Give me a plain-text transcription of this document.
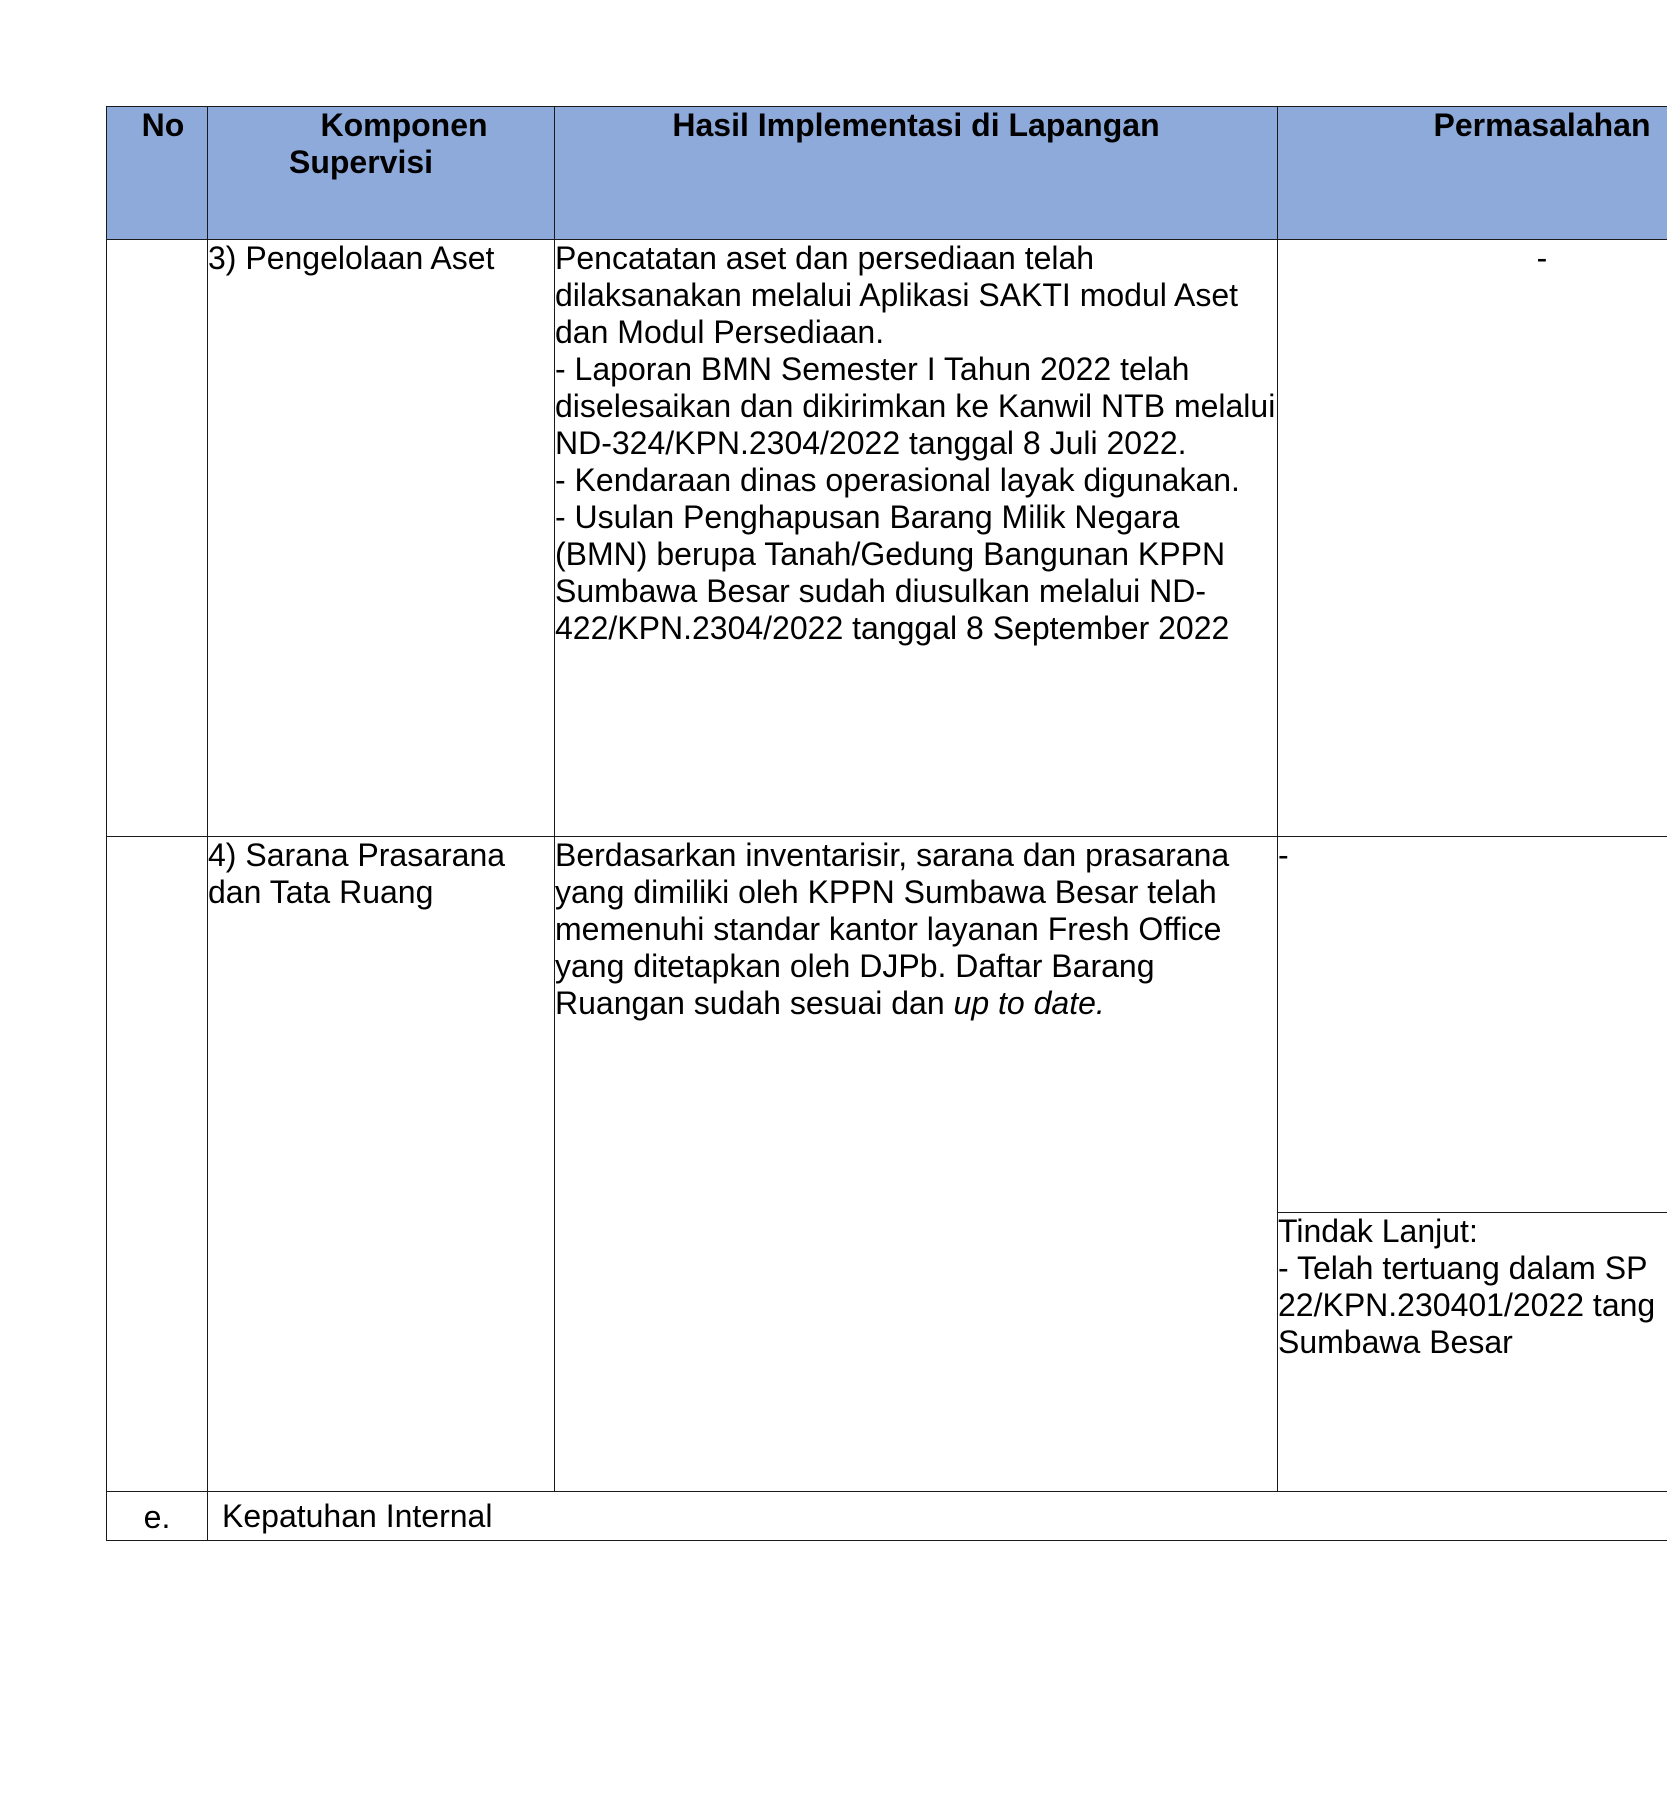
No	Komponen
Supervisi	Hasil Implementasi di Lapangan	Permasalahan
	3) Pengelolaan Aset	Pencatatan aset dan persediaan telah dilaksanakan melalui Aplikasi SAKTI modul Aset dan Modul Persediaan.
- Laporan BMN Semester I Tahun 2022 telah diselesaikan dan dikirimkan ke Kanwil NTB melalui ND-324/KPN.2304/2022 tanggal 8 Juli 2022.
- Kendaraan dinas operasional layak digunakan.
- Usulan Penghapusan Barang Milik Negara (BMN) berupa Tanah/Gedung Bangunan KPPN Sumbawa Besar sudah diusulkan melalui ND-422/KPN.2304/2022 tanggal 8 September 2022	-
	4) Sarana Prasarana dan Tata Ruang	Berdasarkan inventarisir, sarana dan prasarana yang dimiliki oleh KPPN Sumbawa Besar telah memenuhi standar kantor layanan Fresh Office yang ditetapkan oleh DJPb. Daftar Barang Ruangan sudah sesuai dan up to date.	-
			Tindak Lanjut:
- Telah tertuang dalam SP
22/KPN.230401/2022 tang
Sumbawa Besar
e.	Kepatuhan Internal		
